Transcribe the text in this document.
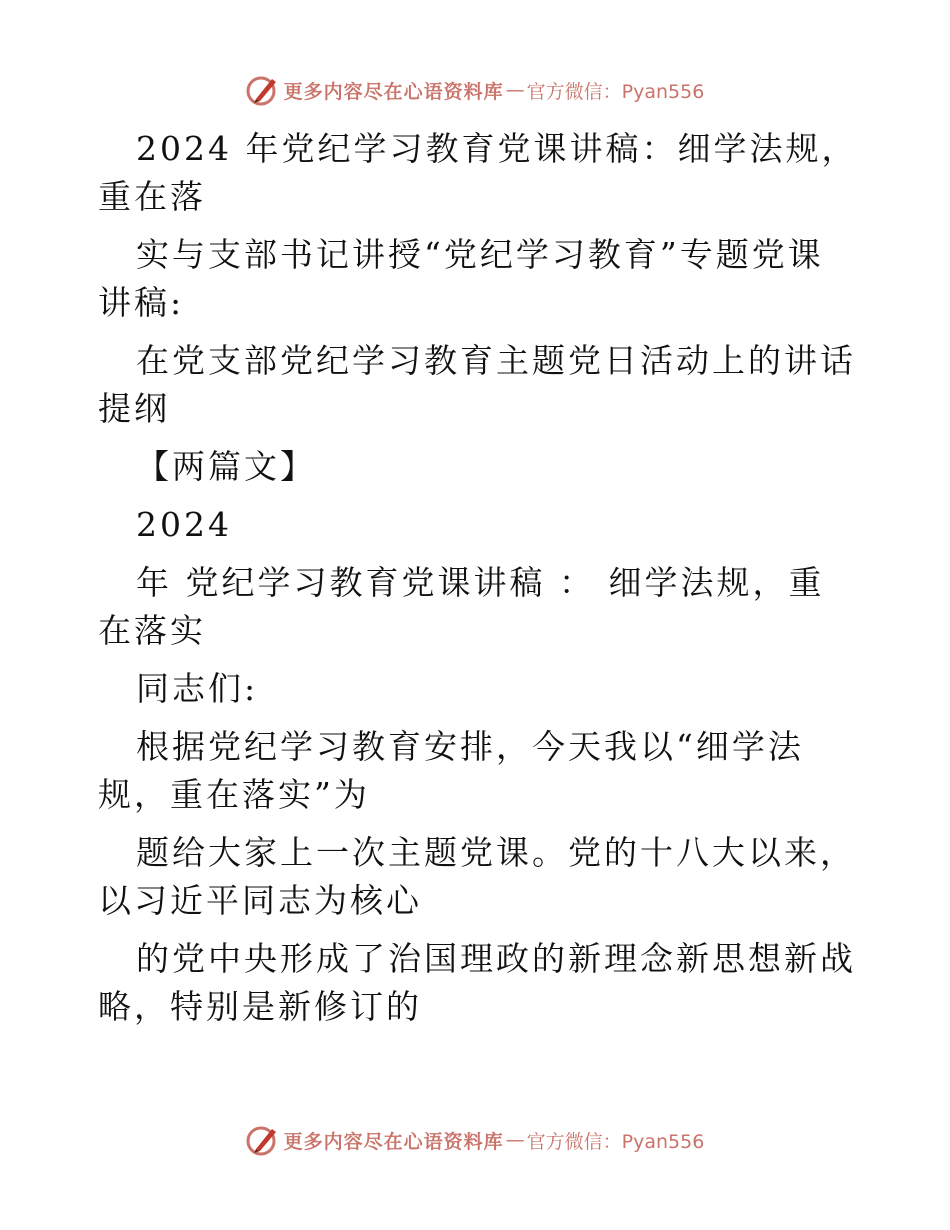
更多内容尽在心语资料库 — 官方微信：Pyan556

2024 年党纪学习教育党课讲稿：细学法规，重在落

实与支部书记讲授“党纪学习教育”专题党课讲稿:

在党支部党纪学习教育主题党日活动上的讲话提纲

【两篇文】

2024

年 党纪学习教育党课讲稿 ： 细学法规，重在落实

同志们:

根据党纪学习教育安排，今天我以“细学法规，重在落实”为

题给大家上一次主题党课。党的十八大以来，以习近平同志为核心

的党中央形成了治国理政的新理念新思想新战略，特别是新修订的

更多内容尽在心语资料库 — 官方微信：Pyan556
